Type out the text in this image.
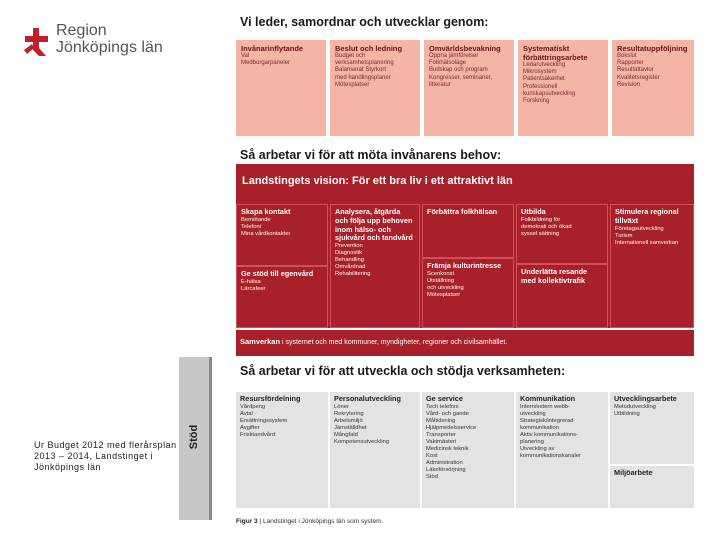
Region
Jönköpings län
Ur Budget 2012 med flerårsplan 2013 – 2014, Landstinget i Jönköpings län
Vi leder, samordnar och utvecklar genom:
Invånarinflytande
Val
Medborgarpaneler
Beslut och ledning
Budget och
verksamhetsplanering
Balanserat Styrkort
med handlingsplaner
Mötesplatser
Omvärldsbevakning
Öppna jämförelser
Folkhälsoläge
Budskap och program
Kongresser, seminarier,
litteratur
Systematiskt förbättringsarbete
Ledarutveckling
Mikrosystem
Patientsäkerhet
Professionell
kunskapsutveckling
Forskning
Resultatuppföljning
Bokslut
Rapporter
Resultattavlor
Kvalitetsregister
Revision
Så arbetar vi för att möta invånarens behov:
Landstingets vision: För ett bra liv i ett attraktivt län
Skapa kontakt
Bemötande
Telefoni
Mina vårdkontakter
Ge stöd till egenvård
E-hälsa
Lärcafeer
Analysera, åtgärda och följa upp behoven inom hälso- och sjukvård och tandvård
Prevention
Diagnostik
Behandling
Omvårdnad
Rehabilitering
Förbättra folkhälsan
Främja kulturintresse
Scenkonst
Utställning
och utveckling
Mötesplatser
Utbilda
Folkbildning för
demokrati och ökad
syssel sättning
Underlätta resande med kollektivtrafik
Stimulera regional tillväxt
Företagsutveckling
Turism
Internationell samverkan
Samverkan i systemet och med kommuner, myndigheter, regioner och civilsamhället.
Så arbetar vi för att utveckla och stödja verksamheten:
Stöd
Resursfördelning
Vårdpeng
Avtal
Ersättningssystem
Avgifter
Frisktandvård
Personalutveckling
Löner
Rekrytering
Arbetsmiljö
Jämställdhet
Mångfald
Kompetensutveckling
Ge service
Tech telefoni
Vård- och gande
Måltidsning
Hjälpmedelsservice
Transporter
Vaktmästeri
Medicinsk teknik
Kost
Administration
Läkeförsörjning
Stöd
Kommunikation
Intern/extern webb-
utveckling
Strategisk/integrerad
kommunikation
Aktiv kommunikations-
planering
Utveckling av
kommunikationskanaler
Utvecklingsarbete
Metodutveckling
Utbildning
Miljöarbete
Figur 3 | Landstinget i Jönköpings län som system.
